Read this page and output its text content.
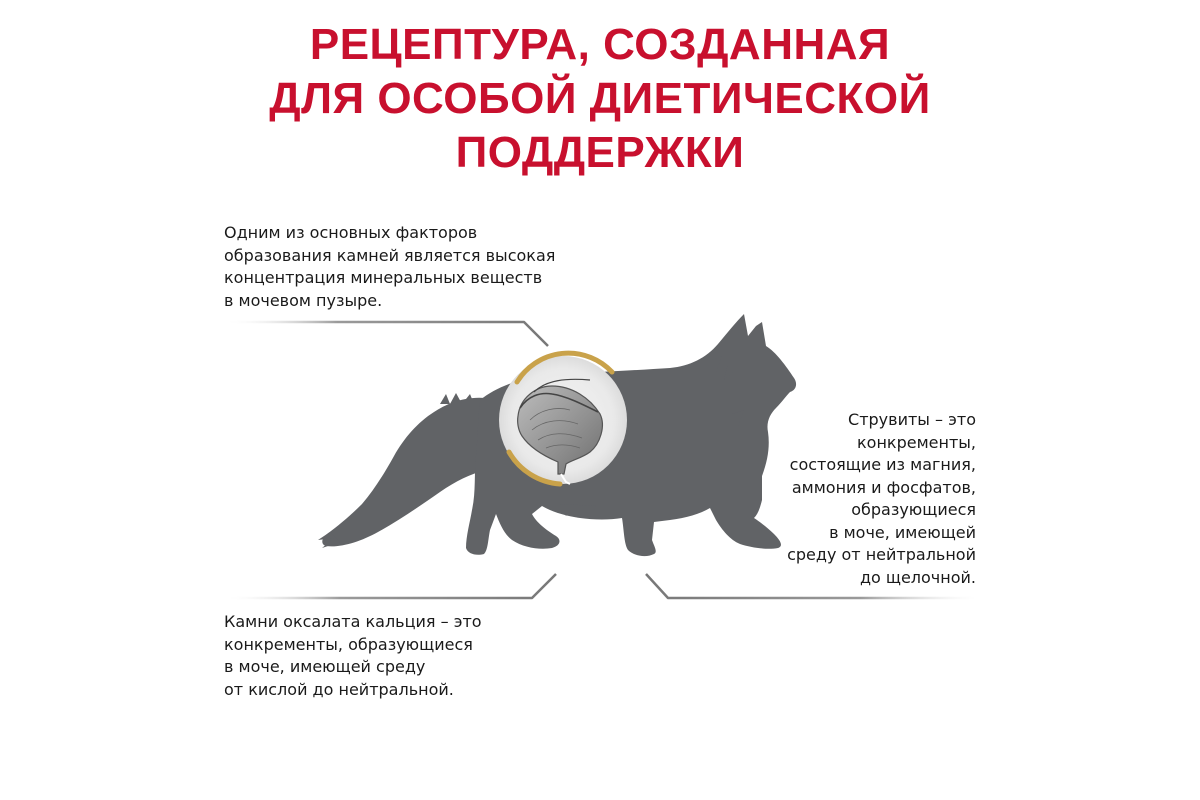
РЕЦЕПТУРА, СОЗДАННАЯ
ДЛЯ ОСОБОЙ ДИЕТИЧЕСКОЙ
ПОДДЕРЖКИ
Одним из основных факторов
образования камней является высокая
концентрация минеральных веществ
в мочевом пузыре.
Струвиты – это
конкременты,
состоящие из магния,
аммония и фосфатов,
образующиеся
в моче, имеющей
среду от нейтральной
до щелочной.
Камни оксалата кальция – это
конкременты, образующиеся
в моче, имеющей среду
от кислой до нейтральной.
